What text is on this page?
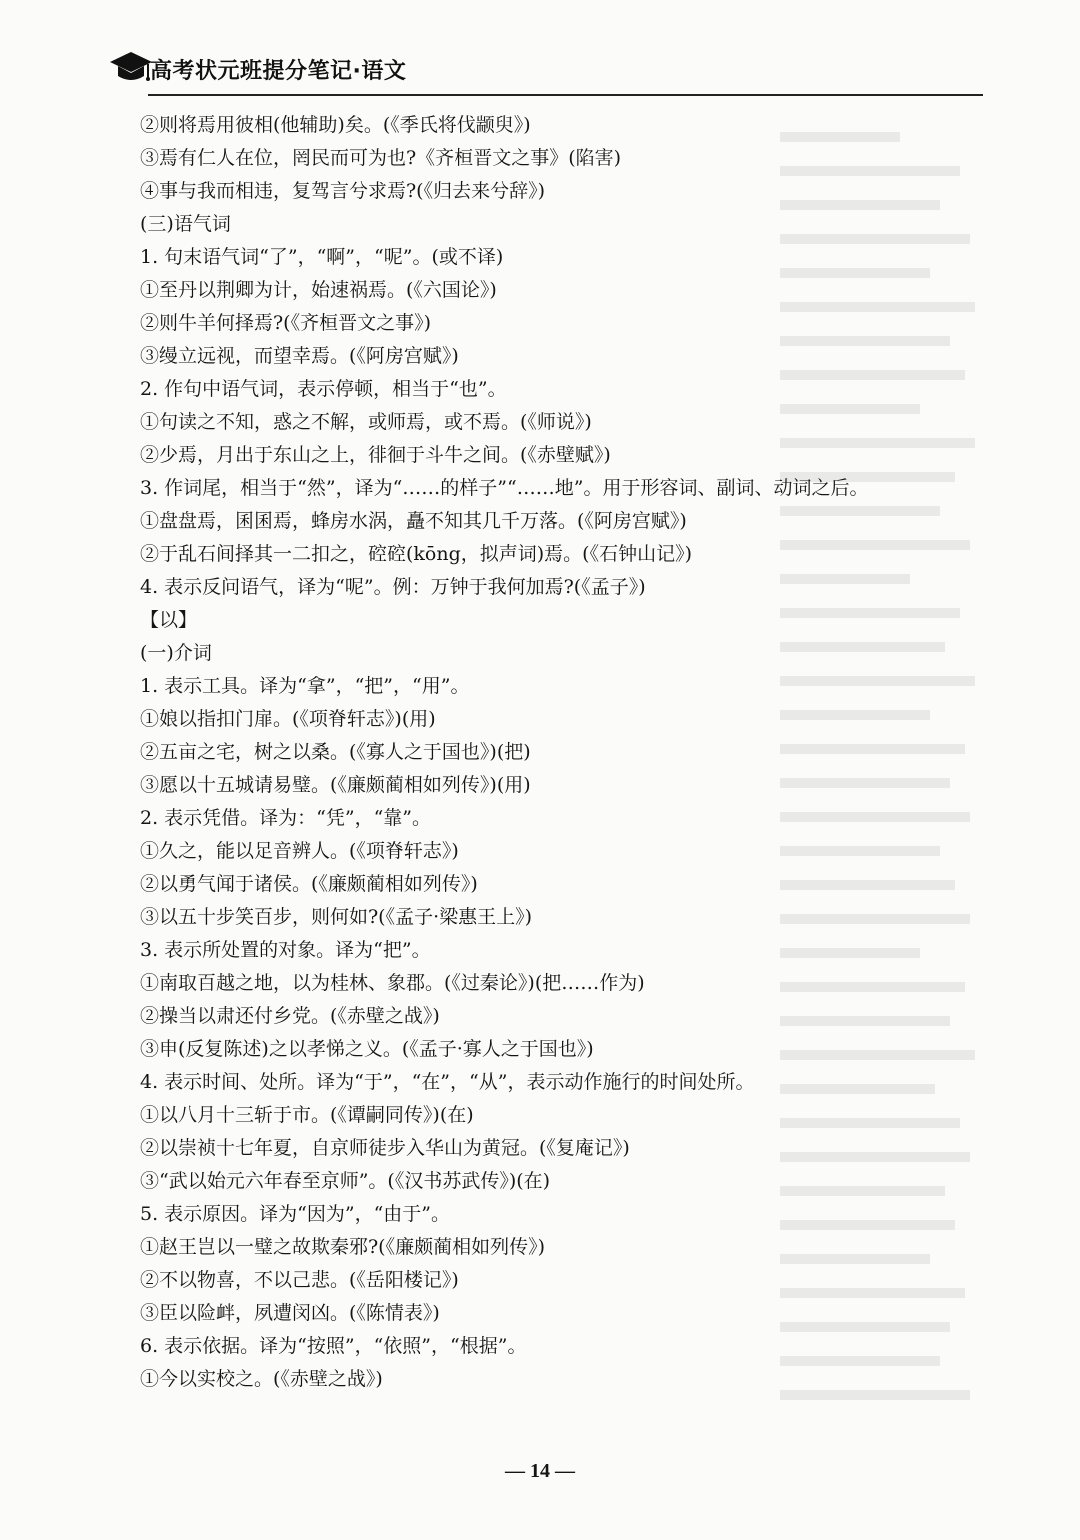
高考状元班提分笔记·语文
②则将焉用彼相(他辅助)矣。(《季氏将伐颛臾》)
③焉有仁人在位，罔民而可为也?《齐桓晋文之事》(陷害)
④事与我而相违，复驾言兮求焉?(《归去来兮辞》)
(三)语气词
1. 句末语气词“了”，“啊”，“呢”。(或不译)
①至丹以荆卿为计，始速祸焉。(《六国论》)
②则牛羊何择焉?(《齐桓晋文之事》)
③缦立远视，而望幸焉。(《阿房宫赋》)
2. 作句中语气词，表示停顿，相当于“也”。
①句读之不知，惑之不解，或师焉，或不焉。(《师说》)
②少焉，月出于东山之上，徘徊于斗牛之间。(《赤壁赋》)
3. 作词尾，相当于“然”，译为“……的样子”“……地”。用于形容词、副词、动词之后。
①盘盘焉，囷囷焉，蜂房水涡，矗不知其几千万落。(《阿房宫赋》)
②于乱石间择其一二扣之，硿硿(kōng，拟声词)焉。(《石钟山记》)
4. 表示反问语气，译为“呢”。例：万钟于我何加焉?(《孟子》)
【以】
(一)介词
1. 表示工具。译为“拿”，“把”，“用”。
①娘以指扣门扉。(《项脊轩志》)(用)
②五亩之宅，树之以桑。(《寡人之于国也》)(把)
③愿以十五城请易璧。(《廉颇蔺相如列传》)(用)
2. 表示凭借。译为：“凭”，“靠”。
①久之，能以足音辨人。(《项脊轩志》)
②以勇气闻于诸侯。(《廉颇蔺相如列传》)
③以五十步笑百步，则何如?(《孟子·梁惠王上》)
3. 表示所处置的对象。译为“把”。
①南取百越之地，以为桂林、象郡。(《过秦论》)(把……作为)
②操当以肃还付乡党。(《赤壁之战》)
③申(反复陈述)之以孝悌之义。(《孟子·寡人之于国也》)
4. 表示时间、处所。译为“于”，“在”，“从”，表示动作施行的时间处所。
①以八月十三斩于市。(《谭嗣同传》)(在)
②以崇祯十七年夏，自京师徒步入华山为黄冠。(《复庵记》)
③“武以始元六年春至京师”。(《汉书苏武传》)(在)
5. 表示原因。译为“因为”，“由于”。
①赵王岂以一璧之故欺秦邪?(《廉颇蔺相如列传》)
②不以物喜，不以己悲。(《岳阳楼记》)
③臣以险衅，夙遭闵凶。(《陈情表》)
6. 表示依据。译为“按照”，“依照”，“根据”。
①今以实校之。(《赤壁之战》)
— 14 —
